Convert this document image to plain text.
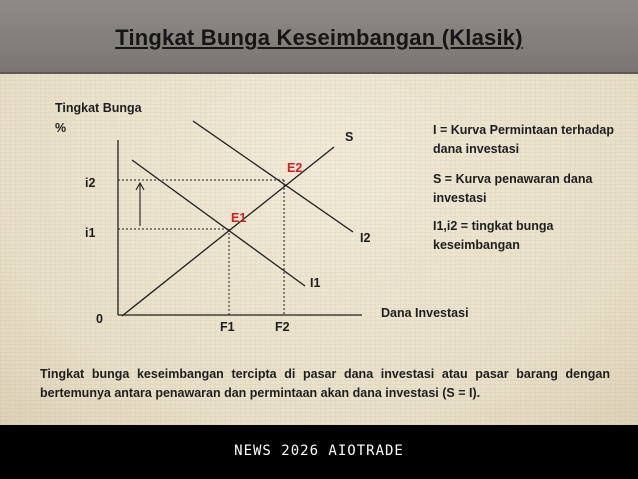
Tingkat Bunga Keseimbangan (Klasik)
Tingkat Bunga
%
i2
i1
0
F1	F2
S
I2
I1
Dana Investasi
E1
E2
I = Kurva Permintaan terhadap dana investasi
S = Kurva penawaran dana investasi
I1,i2 = tingkat bunga keseimbangan
Tingkat bunga keseimbangan tercipta di pasar dana investasi atau pasar barang dengan bertemunya antara penawaran dan permintaan akan dana investasi (S = I).
NEWS 2026 AIOTRADE
